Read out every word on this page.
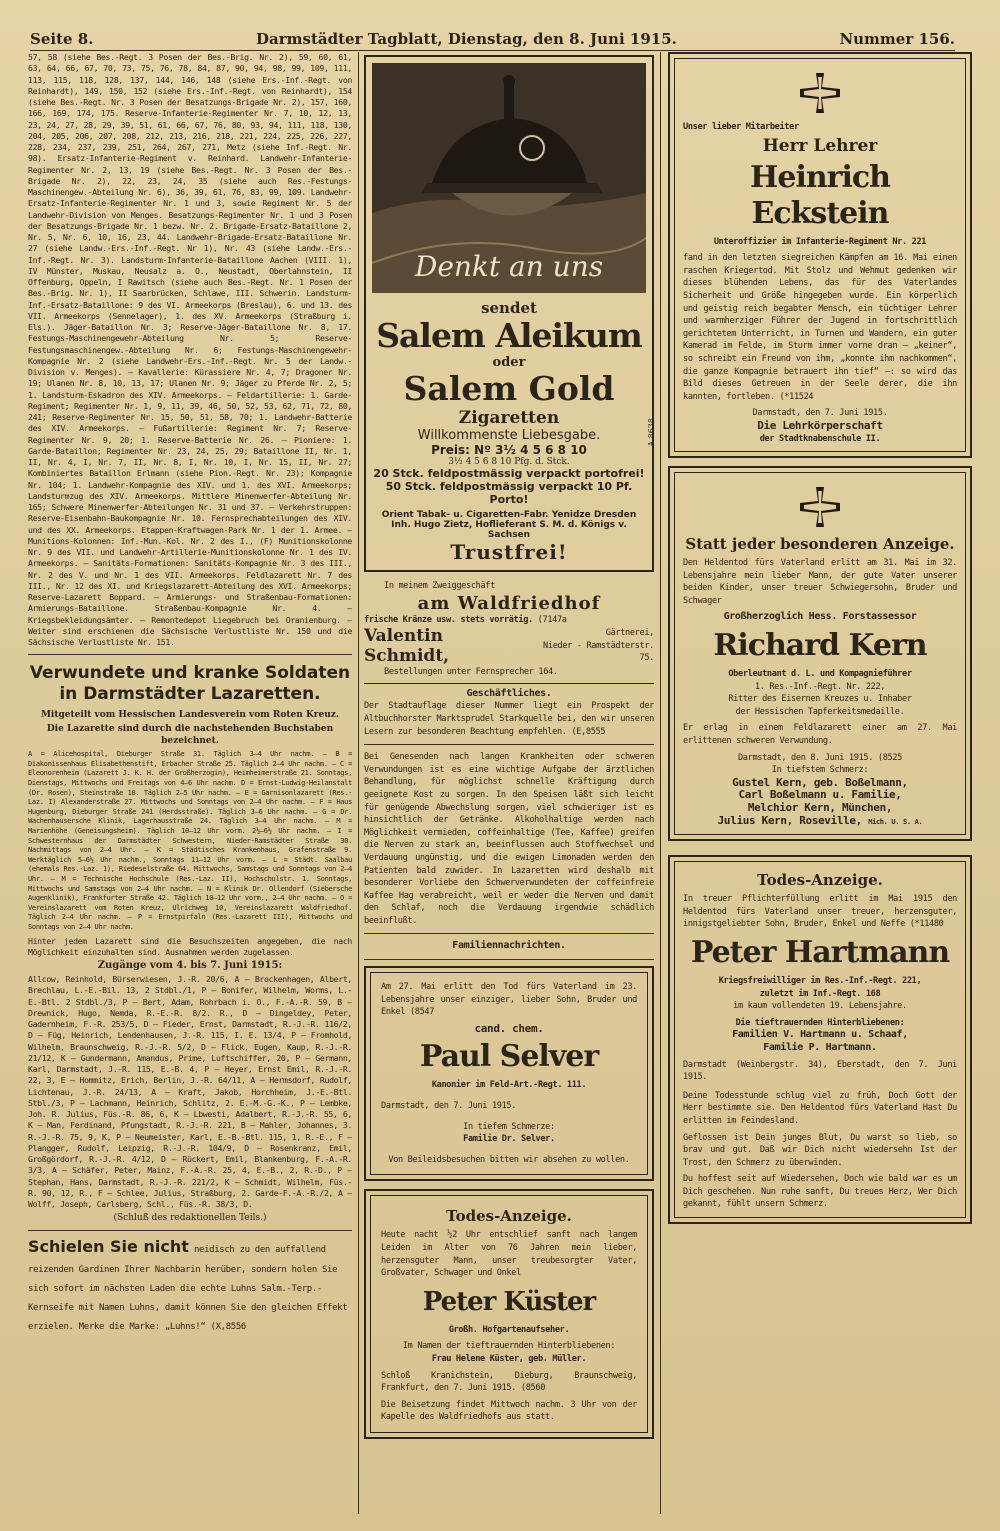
Seite 8.	Darmstädter Tagblatt, Dienstag, den 8. Juni 1915.	Nummer 156.

57, 58 (siehe Bes.-Regt. 3 Posen der Bes.-Brig. Nr. 2), 59, 60, 61, 63, 64, 66, 67, 70, 73, 75, 76, 78, 84, 87, 90, 94, 98, 99, 109, 111, 113, 115, 118, 128, 137, 144, 146, 148 (siehe Ers.-Inf.-Regt. von Reinhardt), 149, 150, 152 (siehe Ers.-Inf.-Regt. von Reinhardt), 154 (siehe Bes.-Regt. Nr. 3 Posen der Besatzungs-Brigade Nr. 2), 157, 160, 166, 169, 174, 175. Reserve-Infanterie-Regimenter Nr. 7, 10, 12, 13, 23, 24, 27, 28, 29, 39, 51, 61, 66, 67, 76, 80, 93, 94, 111, 118, 130, 204, 205, 206, 207, 208, 212, 213, 216, 218, 221, 224, 225, 226, 227, 228, 234, 237, 239, 251, 264, 267, 271, Metz (siehe Inf.-Regt. Nr. 98). Ersatz-Infanterie-Regiment v. Reinhard. Landwehr-Infanterie-Regimenter Nr. 2, 13, 19 (siehe Bes.-Regt. Nr. 3 Posen der Bes.-Brigade Nr. 2), 22, 23, 24, 35 (siehe auch Res.-Festungs-Maschinengew.-Abteilung Nr. 6), 36, 39, 61, 76, 83, 99, 109. Landwehr-Ersatz-Infanterie-Regimenter Nr. 1 und 3, sowie Regiment Nr. 5 der Landwehr-Division von Menges. Besatzungs-Regimenter Nr. 1 und 3 Posen der Besatzungs-Brigade Nr. 1 bezw. Nr. 2. Brigade-Ersatz-Bataillone 2, Nr. 5, Nr. 6, 10, 16, 23, 44. Landwehr-Brigade-Ersatz-Bataillone Nr. 27 (siehe Landw.-Ers.-Inf.-Regt. Nr 1), Nr. 43 (siehe Landw.-Ers.-Inf.-Regt. Nr. 3). Landsturm-Infanterie-Bataillone Aachen (VIII. 1), IV Münster, Muskau, Neusalz a. O., Neustadt, Oberlahnstein, II Offenburg, Oppeln, I Rawitsch (siehe auch Bes.-Regt. Nr. 1 Posen der Bes.-Brig. Nr. 1), II Saarbrücken, Schlawe, III. Schwerin. Landsturm-Inf.-Ersatz-Bataillone: 9 des VI. Armeekorps (Breslau), 6. und 13. des VII. Armeekorps (Sennelager), 1. des XV. Armeekorps (Straßburg i. Els.). Jäger-Bataillon Nr. 3; Reserve-Jäger-Bataillone Nr. 8, 17. Festungs-Maschinengewehr-Abteilung Nr. 5; Reserve-Festungsmaschinengew.-Abteilung Nr. 6; Festungs-Maschinengewehr-Kompagnie Nr. 2 (siehe Landwehr-Ers.-Inf.-Regt. Nr. 5 der Landw.-Division v. Menges). — Kavallerie: Kürassiere Nr. 4, 7; Dragoner Nr. 19; Ulanen Nr. 8, 10, 13, 17; Ulanen Nr. 9; Jäger zu Pferde Nr. 2, 5; 1. Landsturm-Eskadron des XIV. Armeekorps. — Feldartillerie: 1. Garde-Regiment; Regimenter Nr. 1, 9, 11, 39, 46, 50, 52, 53, 62, 71, 72, 80, 241; Reserve-Regimenter Nr. 15, 50, 51, 58, 70; 1. Landwehr-Batterie des XIV. Armeekorps. — Fußartillerie: Regiment Nr. 7; Reserve-Regimenter Nr. 9, 20; 1. Reserve-Batterie Nr. 26. — Pioniere: 1. Garde-Bataillon; Regimenter Nr. 23, 24, 25, 29; Bataillone II, Nr. 1, II, Nr. 4, I, Nr. 7, II, Nr. 8, I, Nr. 10, I, Nr. 15, II, Nr. 27; Kombiniertes Bataillon Erlmann (siehe Pion.-Regt. Nr. 23); Kompagnie Nr. 104; 1. Landwehr-Kompagnie des XIV. und 1. des XVI. Armeekorps; Landsturmzug des XIV. Armeekorps. Mittlere Minenwerfer-Abteilung Nr. 165; Schwere Minenwerfer-Abteilungen Nr. 31 und 37. — Verkehrstruppen: Reserve-Eisenbahn-Baukompagnie Nr. 10. Fernsprechabteilungen des XIV. und des XX. Armeekorps. Etappen-Kraftwagen-Park Nr. 1 der 1. Armee. — Munitions-Kolonnen: Inf.-Mun.-Kol. Nr. 2 des I., (F) Munitionskolonne Nr. 9 des VII. und Landwehr-Artillerie-Munitionskolonne Nr. 1 des IV. Armeekorps. — Sanitäts-Formationen: Sanitäts-Kompagnie Nr. 3 des III., Nr. 2 des V. und Nr. 1 des VII. Armeekorps. Feldlazarett Nr. 7 des III., Nr. 12 des XI. und Kriegslazarett-Abteilung des XVI. Armeekorps; Reserve-Lazarett Boppard. — Armierungs- und Straßenbau-Formationen: Armierungs-Bataillone. Straßenbau-Kompagnie Nr. 4. — Kriegsbekleidungsämter. — Remontedepot Liegebruch bei Oranienburg. — Weiter sind erschienen die Sächsische Verlustliste Nr. 150 und die Sächsische Verlustliste Nr. 151.

Verwundete und kranke Soldaten in Darmstädter Lazaretten.
Mitgeteilt vom Hessischen Landesverein vom Roten Kreuz.
Die Lazarette sind durch die nachstehenden Buchstaben bezeichnet.

A = Alicehospital, Dieburger Straße 31. Täglich 3—4 Uhr nachm. — B = Diakonissenhaus Elisabethenstift, Erbacher Straße 25. Täglich 2—4 Uhr nachm. — C = Eleonorenheim (Lazarett J. K. H. der Großherzogin), Heimheimerstraße 21. Sonntags, Dienstags, Mittwochs und Freitags von 4—6 Uhr nachm. D = Ernst-Ludwig-Heilanstalt (Dr. Rosen), Steinstraße 18. Täglich 2—5 Uhr nachm. — E = Garnisonlazarett (Res.-Laz. I) Alexanderstraße 27. Mittwochs und Sonntags von 2—4 Uhr nachm. — F = Haus Hugenburg, Dieburger Straße 241 (Herdsstraße). Täglich 3—6 Uhr nachm. — G = Dr. Wachenhausersche Klinik, Lagerhausstraße 24. Täglich 3—4 Uhr nachm. — M = Marienhöhe (Geneisungsheim). Täglich 10—12 Uhr vorm. 2½—6½ Uhr nachm. — I = Schwesternhaus der Darmstädter Schwestern, Nieder-Ramstädter Straße 30. Nachmittags von 2—4 Uhr. — K = Städtisches Krankenhaus, Grafenstraße 9. Werktäglich 5—6½ Uhr nachm., Sonntags 11—12 Uhr vorm. — L = Städt. Saalbau (ehemals Res.-Laz. 1), Riedeselstraße 64. Mittwochs, Samstags und Sonntags von 2—4 Uhr. — M = Technische Hochschule (Res.-Laz. II), Hochschulstr. 1. Sonntags, Mittwochs und Samstags von 2—4 Uhr nachm. — N = Klinik Dr. Ollendorf (Siebersche Augenklinik), Frankfurter Straße 42. Täglich 10—12 Uhr vorm., 2—4 Uhr nachm. — O = Vereinslazarett vom Roten Kreuz, Ulrichweg 10, Vereinslazarett Waldfriedhof. Täglich 2—4 Uhr nachm. — P = Ernstpirfaln (Res.-Lazarett III), Mittwochs und Sonntags von 2—4 Uhr nachm.

Hinter jedem Lazarett sind die Besuchszeiten angegeben, die nach Möglichkeit einzuhalten sind. Ausnahmen werden zugelassen.

Zugänge vom 4. bis 7. Juni 1915:

Allcow, Reinhold, Bürserwiesen, J.-R. 20/6, A — Brockenhagen, Albert, Brechlau, L.-E.-Bil. 13, 2 Stdbl./1, P — Bonifer, Wilhelm, Worms, L.-E.-Btl. 2 Stdbl./3, P — Bert, Adam, Rohrbach i. O., F.-A.-R. 59, B — Drewnick, Hugo, Nemda, R.-E.-R. 8/2. R., D — Dingeldey, Peter, Gadernheim, F.-R. 253/5, D — Fieder, Ernst, Darmstadt, R.-J.-R. 116/2, D — Füg, Heinrich, Lendenhausen, J.-R. 115, I. E. 13/4, P — Fromhold, Wilhelm, Braunschweig, R.-J.-R. 5/2, D — Flick, Eugen, Kaup, R.-J.-R. 21/12, K — Gundermann, Amandus, Prime, Luftschiffer, 20, P — Germann, Karl, Darmstadt, J.-R. 115, E.-B. 4, P — Heyer, Ernst Emil, R.-J.-R. 22, 3, E — Hommitz, Erich, Berlin, J.-R. 64/11, A — Hermsdorf, Rudolf, Lichtenau, J.-R. 24/13, A — Kraft, Jakob, Horchheim, J.-E.-Btl. Stbl./3, P — Lachmann, Heinrich, Schlitz, 2. E.-M.-G.-K., P — Lembke, Joh. R. Julius, Füs.-R. 86, 6, K — Lbwesti, Adalbert, R.-J.-R. 55, 6, K — Man, Ferdinand, Pfungstadt, R.-J.-R. 221, B — Mahler, Johannes, 3. R.-J.-R. 75, 9, K, P — Neumeister, Karl, E.-B.-Btl. 115, 1, R.-E., F — Plangger, Rudolf, Leipzig, R.-J.-R. 104/9, D — Rosenkranz, Emil, Großgördorf, R.-J.-R. 4/12, D — Rückert, Emil, Blankenburg, F.-A.-R. 3/3, A — Schäfer, Peter, Mainz, F.-A.-R. 25, 4, E.-B., 2, R.-D., P — Stephan, Hans, Darmstadt, R.-J.-R. 221/2, K — Schmidt, Wilhelm, Füs.-R. 90, 12, R., F — Schlee, Julius, Straßburg, 2. Garde-F.-A.-R./2, A — Wolff, Joseph, Carlsberg, Schl., Füs.-R. 38/3, D.

(Schluß des redaktionellen Teils.)
Schielen Sie nicht neidisch zu den auffallend reizenden Gardinen Ihrer Nachbarin herüber, sondern holen Sie sich sofort im nächsten Laden die echte Luhns Salm.-Terp.-Kernseife mit Namen Luhns, damit können Sie den gleichen Effekt erzielen. Merke die Marke: „Luhns!“ (X,8556
Denkt an uns

sendet

Salem Aleikum

oder

Salem Gold

Zigaretten

Willkommenste Liebesgabe.

Preis: Nº 3½ 4 5 6 8 10

3½ 4 5 6 8 10 Pfg. d. Stck.

20 Stck. feldpostmässig verpackt portofrei!

50 Stck. feldpostmässig verpackt 10 Pf. Porto!

Orient Tabak- u. Cigaretten-Fabr. Yenidze Dresden

Inh. Hugo Zietz, Hoflieferant S. M. d. Königs v. Sachsen

Trustfrei!

In meinem Zweiggeschäft

am Waldfriedhof

frische Kränze usw. stets vorrätig. (7147a

Valentin Schmidt,
Gärtnerei,
Nieder - Ramstädterstr. 75.

Bestellungen unter Fernsprecher 164.

Geschäftliches.

Der Stadtauflage dieser Nummer liegt ein Prospekt der Altbuchhorster Marktsprudel Starkquelle bei, den wir unseren Lesern zur besonderen Beachtung empfehlen. (E,8555

Bei Genesenden nach langen Krankheiten oder schweren Verwundungen ist es eine wichtige Aufgabe der ärztlichen Behandlung, für möglichst schnelle Kräftigung durch geeignete Kost zu sorgen. In den Speisen läßt sich leicht für genügende Abwechslung sorgen, viel schwieriger ist es hinsichtlich der Getränke. Alkoholhaltige werden nach Möglichkeit vermieden, coffeinhaltige (Tee, Kaffee) greifen die Nerven zu stark an, beeinflussen auch Stoffwechsel und Verdauung ungünstig, und die ewigen Limonaden werden den Patienten bald zuwider. In Lazaretten wird deshalb mit besonderer Vorliebe den Schwerverwundeten der coffeinfreie Kaffee Hag verabreicht, weil er weder die Nerven und damit den Schlaf, noch die Verdauung irgendwie schädlich beeinflußt.

Familiennachrichten.

Am 27. Mai erlitt den Tod fürs Vaterland im 23. Lebensjahre unser einziger, lieber Sohn, Bruder und Enkel (8547

cand. chem.

Paul Selver

Kanonier im Feld-Art.-Regt. 111.

Darmstadt, den 7. Juni 1915.

In tiefem Schmerze:

Familie Dr. Selver.

Von Beileidsbesuchen bitten wir absehen zu wollen.

Todes-Anzeige.

Heute nacht ½2 Uhr entschlief sanft nach langem Leiden im Alter von 76 Jahren mein lieber, herzensguter Mann, unser treubesorgter Vater, Großvater, Schwager und Onkel

Peter Küster

Großh. Hofgartenaufseher.

Im Namen der tieftrauernden Hinterbliebenen:

Frau Helene Küster, geb. Müller.

Schloß Kranichstein, Dieburg, Braunschweig, Frankfurt, den 7. Juni 1915. (8560

Die Beisetzung findet Mittwoch nachm. 3 Uhr von der Kapelle des Waldfriedhofs aus statt.

A.8638

Unser lieber Mitarbeiter

Herr Lehrer

Heinrich Eckstein

Unteroffizier im Infanterie-Regiment Nr. 221

fand in den letzten siegreichen Kämpfen am 16. Mai einen raschen Kriegertod. Mit Stolz und Wehmut gedenken wir dieses blühenden Lebens, das für des Vaterlandes Sicherheit und Größe hingegeben wurde. Ein körperlich und geistig reich begabter Mensch, ein tüchtiger Lehrer und warmherziger Führer der Jugend in fortschrittlich gerichtetem Unterricht, in Turnen und Wandern, ein guter Kamerad im Felde, im Sturm immer vorne dran — „keiner“, so schreibt ein Freund von ihm, „konnte ihm nachkommen“, die ganze Kompagnie betrauert ihn tief“ —: so wird das Bild dieses Getreuen in der Seele derer, die ihn kannten, fortleben. (*11524

Darmstadt, den 7. Juni 1915.

Die Lehrkörperschaft

der Stadtknabenschule II.

Statt jeder besonderen Anzeige.

Den Heldentod fürs Vaterland erlitt am 31. Mai im 32. Lebensjahre mein lieber Mann, der gute Vater unserer beiden Kinder, unser treuer Schwiegersohn, Bruder und Schwager

Großherzoglich Hess. Forstassessor

Richard Kern

Oberleutnant d. L. und Kompagnieführer

1. Res.-Inf.-Regt. Nr. 222,

Ritter des Eisernen Kreuzes u. Inhaber

der Hessischen Tapferkeitsmedaille.

Er erlag in einem Feldlazarett einer am 27. Mai erlittenen schweren Verwundung.

Darmstadt, den 8. Juni 1915. (8525

In tiefstem Schmerz:

Gustel Kern, geb. Boßelmann,

Carl Boßelmann u. Familie,

Melchior Kern, München,

Julius Kern, Roseville, Mich. U. S. A.

Todes-Anzeige.

In treuer Pflichterfüllung erlitt im Mai 1915 den Heldentod fürs Vaterland unser treuer, herzensguter, innigstgeliebter Sohn, Bruder, Enkel und Neffe (*11480

Peter Hartmann

Kriegsfreiwilliger im Res.-Inf.-Regt. 221,

zuletzt im Inf.-Regt. 168

im kaum vollendeten 19. Lebensjahre.

Die tieftrauernden Hinterbliebenen:

Familien V. Hartmann u. Schaaf,

Familie P. Hartmann.

Darmstadt (Weinbergstr. 34), Eberstadt, den 7. Juni 1915.

Deine Todesstunde schlug viel zu früh, Doch Gott der Herr bestimmte sie. Den Heldentod fürs Vaterland Hast Du erlitten im Feindesland.

Geflossen ist Dein junges Blut, Du warst so lieb, so brav und gut. Daß wir Dich nicht wiedersehn Ist der Trost, den Schmerz zu überwinden.

Du hoffest seit auf Wiedersehen, Doch wie bald war es um Dich geschehen. Nun ruhe sanft, Du treues Herz, Wer Dich gekannt, fühlt unsern Schmerz.
